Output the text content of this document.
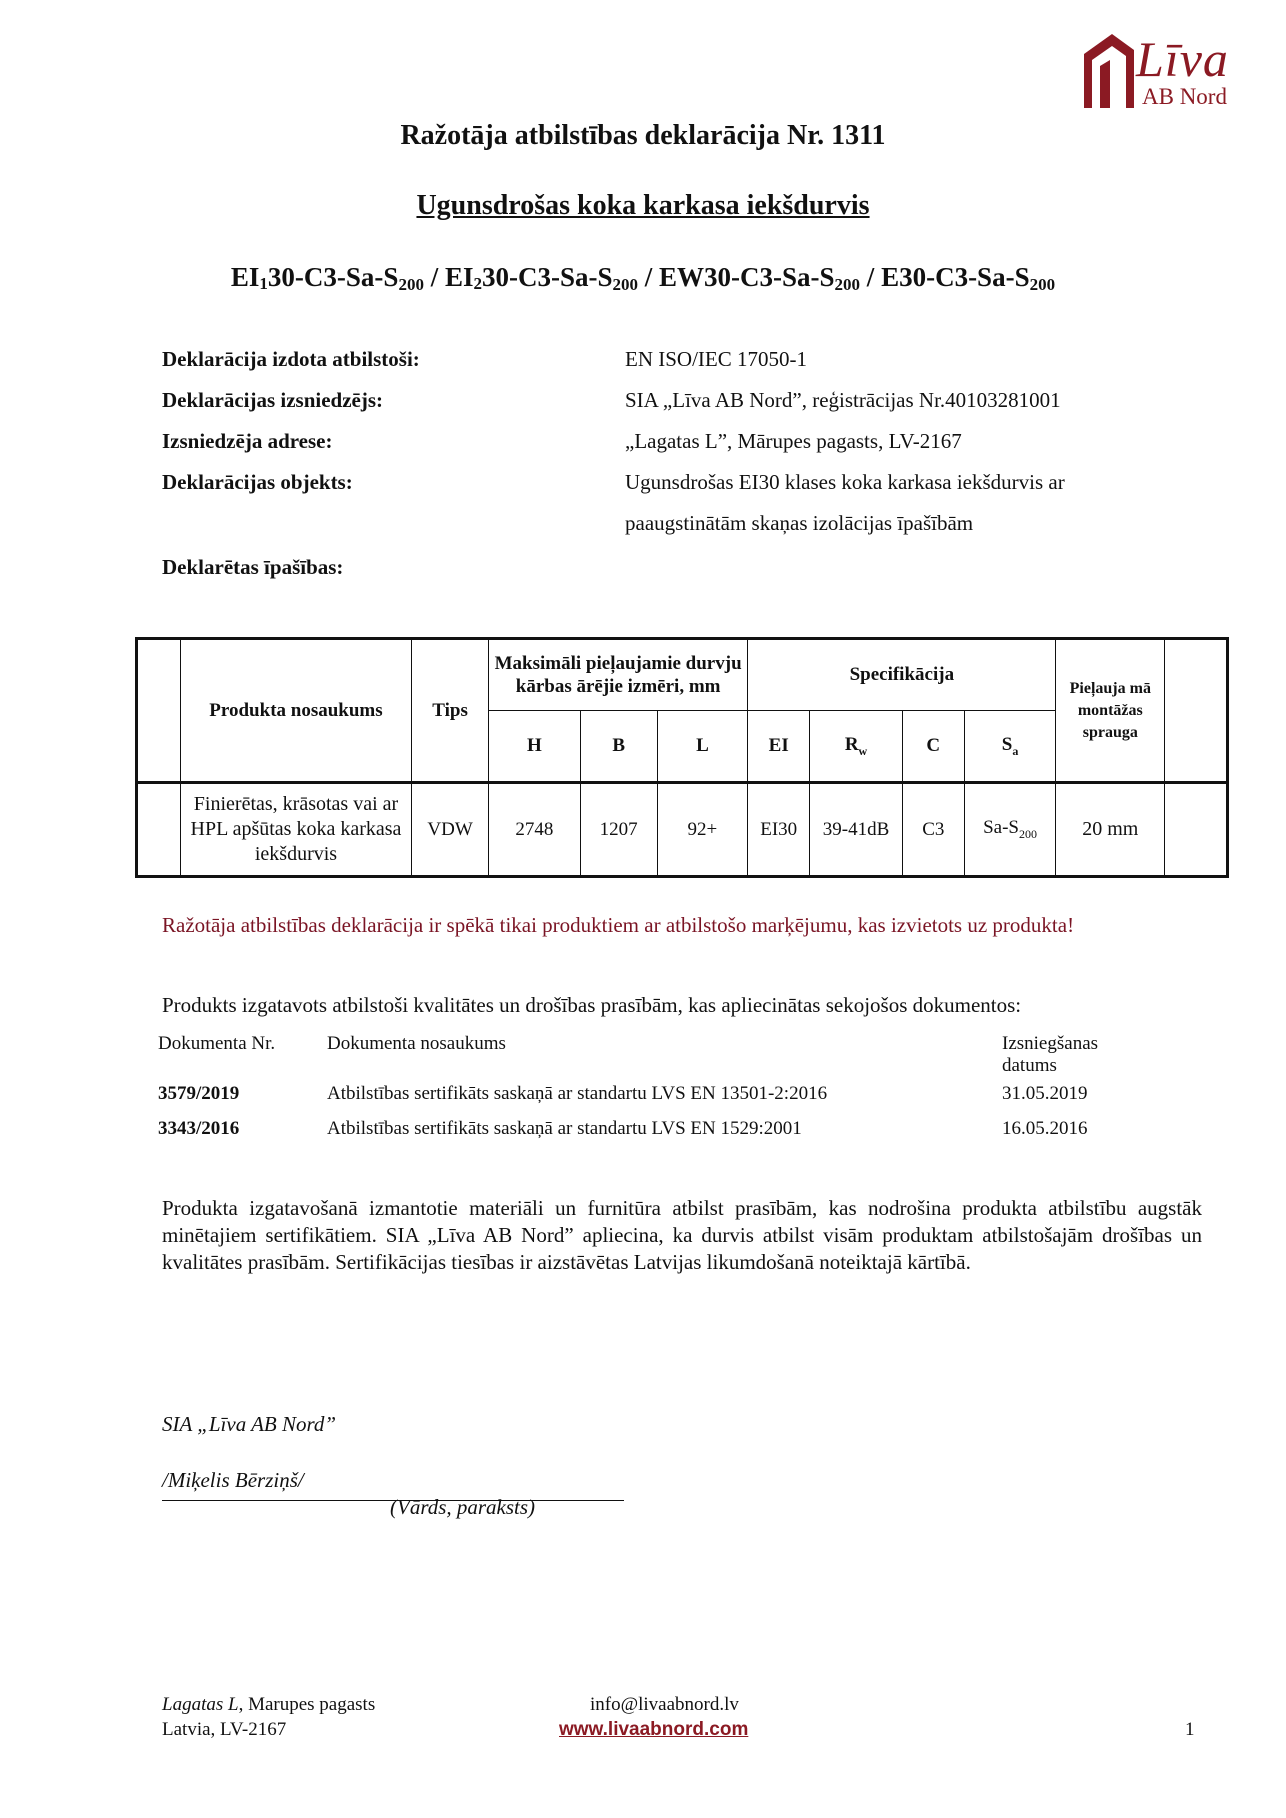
Līva
AB Nord
Ražotāja atbilstības deklarācija Nr. 1311
Ugunsdrošas koka karkasa iekšdurvis
$EI130-C3-Sa-S_{200} / EI230-C3-Sa-S_{200} / EW30-C3-Sa-S_{200} / E30-C3-Sa-S_{200}$
Deklarācija izdota atbilstoši:	EN ISO/IEC 17050-1
Deklarācijas izsniedzējs:	SIA „Līva AB Nord”, reģistrācijas Nr.40103281001
Izsniedzēja adrese:	„Lagatas L”, Mārupes pagasts, LV-2167
Deklarācijas objekts:	Ugunsdrošas EI30 klases koka karkasa iekšdurvis ar
paaugstinātām skaņas izolācijas īpašībām
Deklarētas īpašības:
	Produkta nosaukums	Tips	Maksimāli pieļaujamie durvju kārbas ārējie izmēri, mm			Specifikācija				Pieļauja mā montāžas sprauga	
			H	B	L	EI	$R_w$	C	$S_a$
	Finierētas, krāsotas vai ar HPL apšūtas koka karkasa iekšdurvis	VDW	2748	1207	92+	EI30	39-41dB	C3	$Sa-S_{200}$	20 mm	
Ražotāja atbilstības deklarācija ir spēkā tikai produktiem ar atbilstošo marķējumu, kas izvietots uz produkta!
Produkts izgatavots atbilstoši kvalitātes un drošības prasībām, kas apliecinātas sekojošos dokumentos:
Dokumenta Nr.	Dokumenta nosaukums	Izsniegšanas
datums
3579/2019	Atbilstības sertifikāts saskaņā ar standartu LVS EN 13501-2:2016	31.05.2019
3343/2016	Atbilstības sertifikāts saskaņā ar standartu LVS EN 1529:2001	16.05.2016
Produkta izgatavošanā izmantotie materiāli un furnitūra atbilst prasībām, kas nodrošina produkta atbilstību augstāk minētajiem sertifikātiem. SIA „Līva AB Nord” apliecina, ka durvis atbilst visām produktam atbilstošajām drošības un kvalitātes prasībām. Sertifikācijas tiesības ir aizstāvētas Latvijas likumdošanā noteiktajā kārtībā.
SIA „Līva AB Nord”
/Miķelis Bērziņš/
(Vārds, paraksts)
Lagatas L, Marupes pagasts
Latvia, LV-2167
info@livaabnord.lv
www.livaabnord.com	1
